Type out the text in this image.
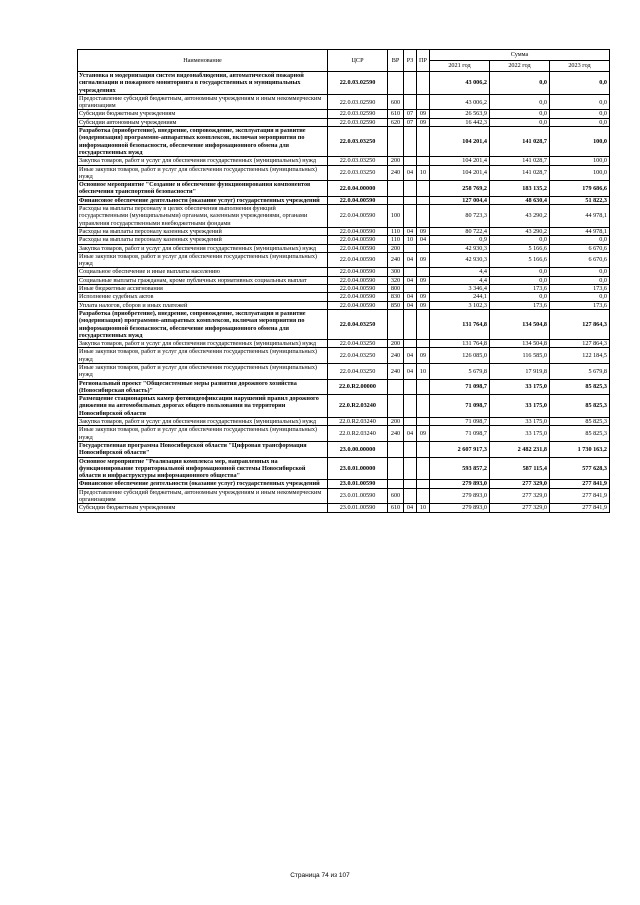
Наименование	ЦСР	ВР	РЗ	ПР	Сумма		
					2021 год	2022 год	2023 год
Установка и модернизация систем видеонаблюдения, автоматической пожарной сигнализации и пожарного мониторинга в государственных и муниципальных учреждениях	22.0.03.02590				43 006,2	0,0	0,0
Предоставление субсидий бюджетным, автономным учреждениям и иным некоммерческим организациям	22.0.03.02590	600			43 006,2	0,0	0,0
Субсидии бюджетным учреждениям	22.0.03.02590	610	07	09	26 563,9	0,0	0,0
Субсидии автономным учреждениям	22.0.03.02590	620	07	09	16 442,3	0,0	0,0
Разработка (приобретение), внедрение, сопровождение, эксплуатация и развитие (модернизация) программно-аппаратных комплексов, включая мероприятия по информационной безопасности, обеспечение информационного обмена для государственных нужд	22.0.03.03250				104 201,4	141 028,7	100,0
Закупка товаров, работ и услуг для обеспечения государственных (муниципальных) нужд	22.0.03.03250	200			104 201,4	141 028,7	100,0
Иные закупки товаров, работ и услуг для обеспечения государственных (муниципальных) нужд	22.0.03.03250	240	04	10	104 201,4	141 028,7	100,0
Основное мероприятие "Создание и обеспечение функционирования компонентов обеспечения транспортной безопасности"	22.0.04.00000				258 769,2	183 135,2	179 686,6
Финансовое обеспечение деятельности (оказание услуг) государственных учреждений	22.0.04.00590				127 004,4	48 630,4	51 822,3
Расходы на выплаты персоналу в целях обеспечения выполнения функций государственными (муниципальными) органами, казенными учреждениями, органами управления государственными внебюджетными фондами	22.0.04.00590	100			80 723,3	43 290,2	44 978,1
Расходы на выплаты персоналу казенных учреждений	22.0.04.00590	110	04	09	80 722,4	43 290,2	44 978,1
Расходы на выплаты персоналу казенных учреждений	22.0.04.00590	110	10	04	0,9	0,0	0,0
Закупка товаров, работ и услуг для обеспечения государственных (муниципальных) нужд	22.0.04.00590	200			42 930,3	5 166,6	6 670,6
Иные закупки товаров, работ и услуг для обеспечения государственных (муниципальных) нужд	22.0.04.00590	240	04	09	42 930,3	5 166,6	6 670,6
Социальное обеспечение и иные выплаты населению	22.0.04.00590	300			4,4	0,0	0,0
Социальные выплаты гражданам, кроме публичных нормативных социальных выплат	22.0.04.00590	320	04	09	4,4	0,0	0,0
Иные бюджетные ассигнования	22.0.04.00590	800			3 346,4	173,6	173,6
Исполнение судебных актов	22.0.04.00590	830	04	09	244,1	0,0	0,0
Уплата налогов, сборов и иных платежей	22.0.04.00590	850	04	09	3 102,3	173,6	173,6
Разработка (приобретение), внедрение, сопровождение, эксплуатация и развитие (модернизация) программно-аппаратных комплексов, включая мероприятия по информационной безопасности, обеспечение информационного обмена для государственных нужд	22.0.04.03250				131 764,8	134 504,8	127 864,3
Закупка товаров, работ и услуг для обеспечения государственных (муниципальных) нужд	22.0.04.03250	200			131 764,8	134 504,8	127 864,3
Иные закупки товаров, работ и услуг для обеспечения государственных (муниципальных) нужд	22.0.04.03250	240	04	09	126 085,0	116 585,0	122 184,5
Иные закупки товаров, работ и услуг для обеспечения государственных (муниципальных) нужд	22.0.04.03250	240	04	10	5 679,8	17 919,8	5 679,8
Региональный проект "Общесистемные меры развития дорожного хозяйства (Новосибирская область)"	22.0.R2.00000				71 098,7	33 175,0	85 825,3
Размещение стационарных камер фотовидеофиксации нарушений правил дорожного движения на автомобильных дорогах общего пользования на территории Новосибирской области	22.0.R2.03240				71 098,7	33 175,0	85 825,3
Закупка товаров, работ и услуг для обеспечения государственных (муниципальных) нужд	22.0.R2.03240	200			71 098,7	33 175,0	85 825,3
Иные закупки товаров, работ и услуг для обеспечения государственных (муниципальных) нужд	22.0.R2.03240	240	04	09	71 098,7	33 175,0	85 825,3
Государственная программа Новосибирской области "Цифровая трансформация Новосибирской области"	23.0.00.00000				2 607 917,3	2 482 231,8	1 730 163,2
Основное мероприятие "Реализация комплекса мер, направленных на функционирование территориальной информационной системы Новосибирской области и инфраструктуры информационного общества"	23.0.01.00000				593 857,2	587 115,4	577 628,3
Финансовое обеспечение деятельности (оказание услуг) государственных учреждений	23.0.01.00590				279 893,0	277 329,0	277 841,9
Предоставление субсидий бюджетным, автономным учреждениям и иным некоммерческим организациям	23.0.01.00590	600			279 893,0	277 329,0	277 841,9
Субсидии бюджетным учреждениям	23.0.01.00590	610	04	10	279 893,0	277 329,0	277 841,9
Страница 74 из 107
